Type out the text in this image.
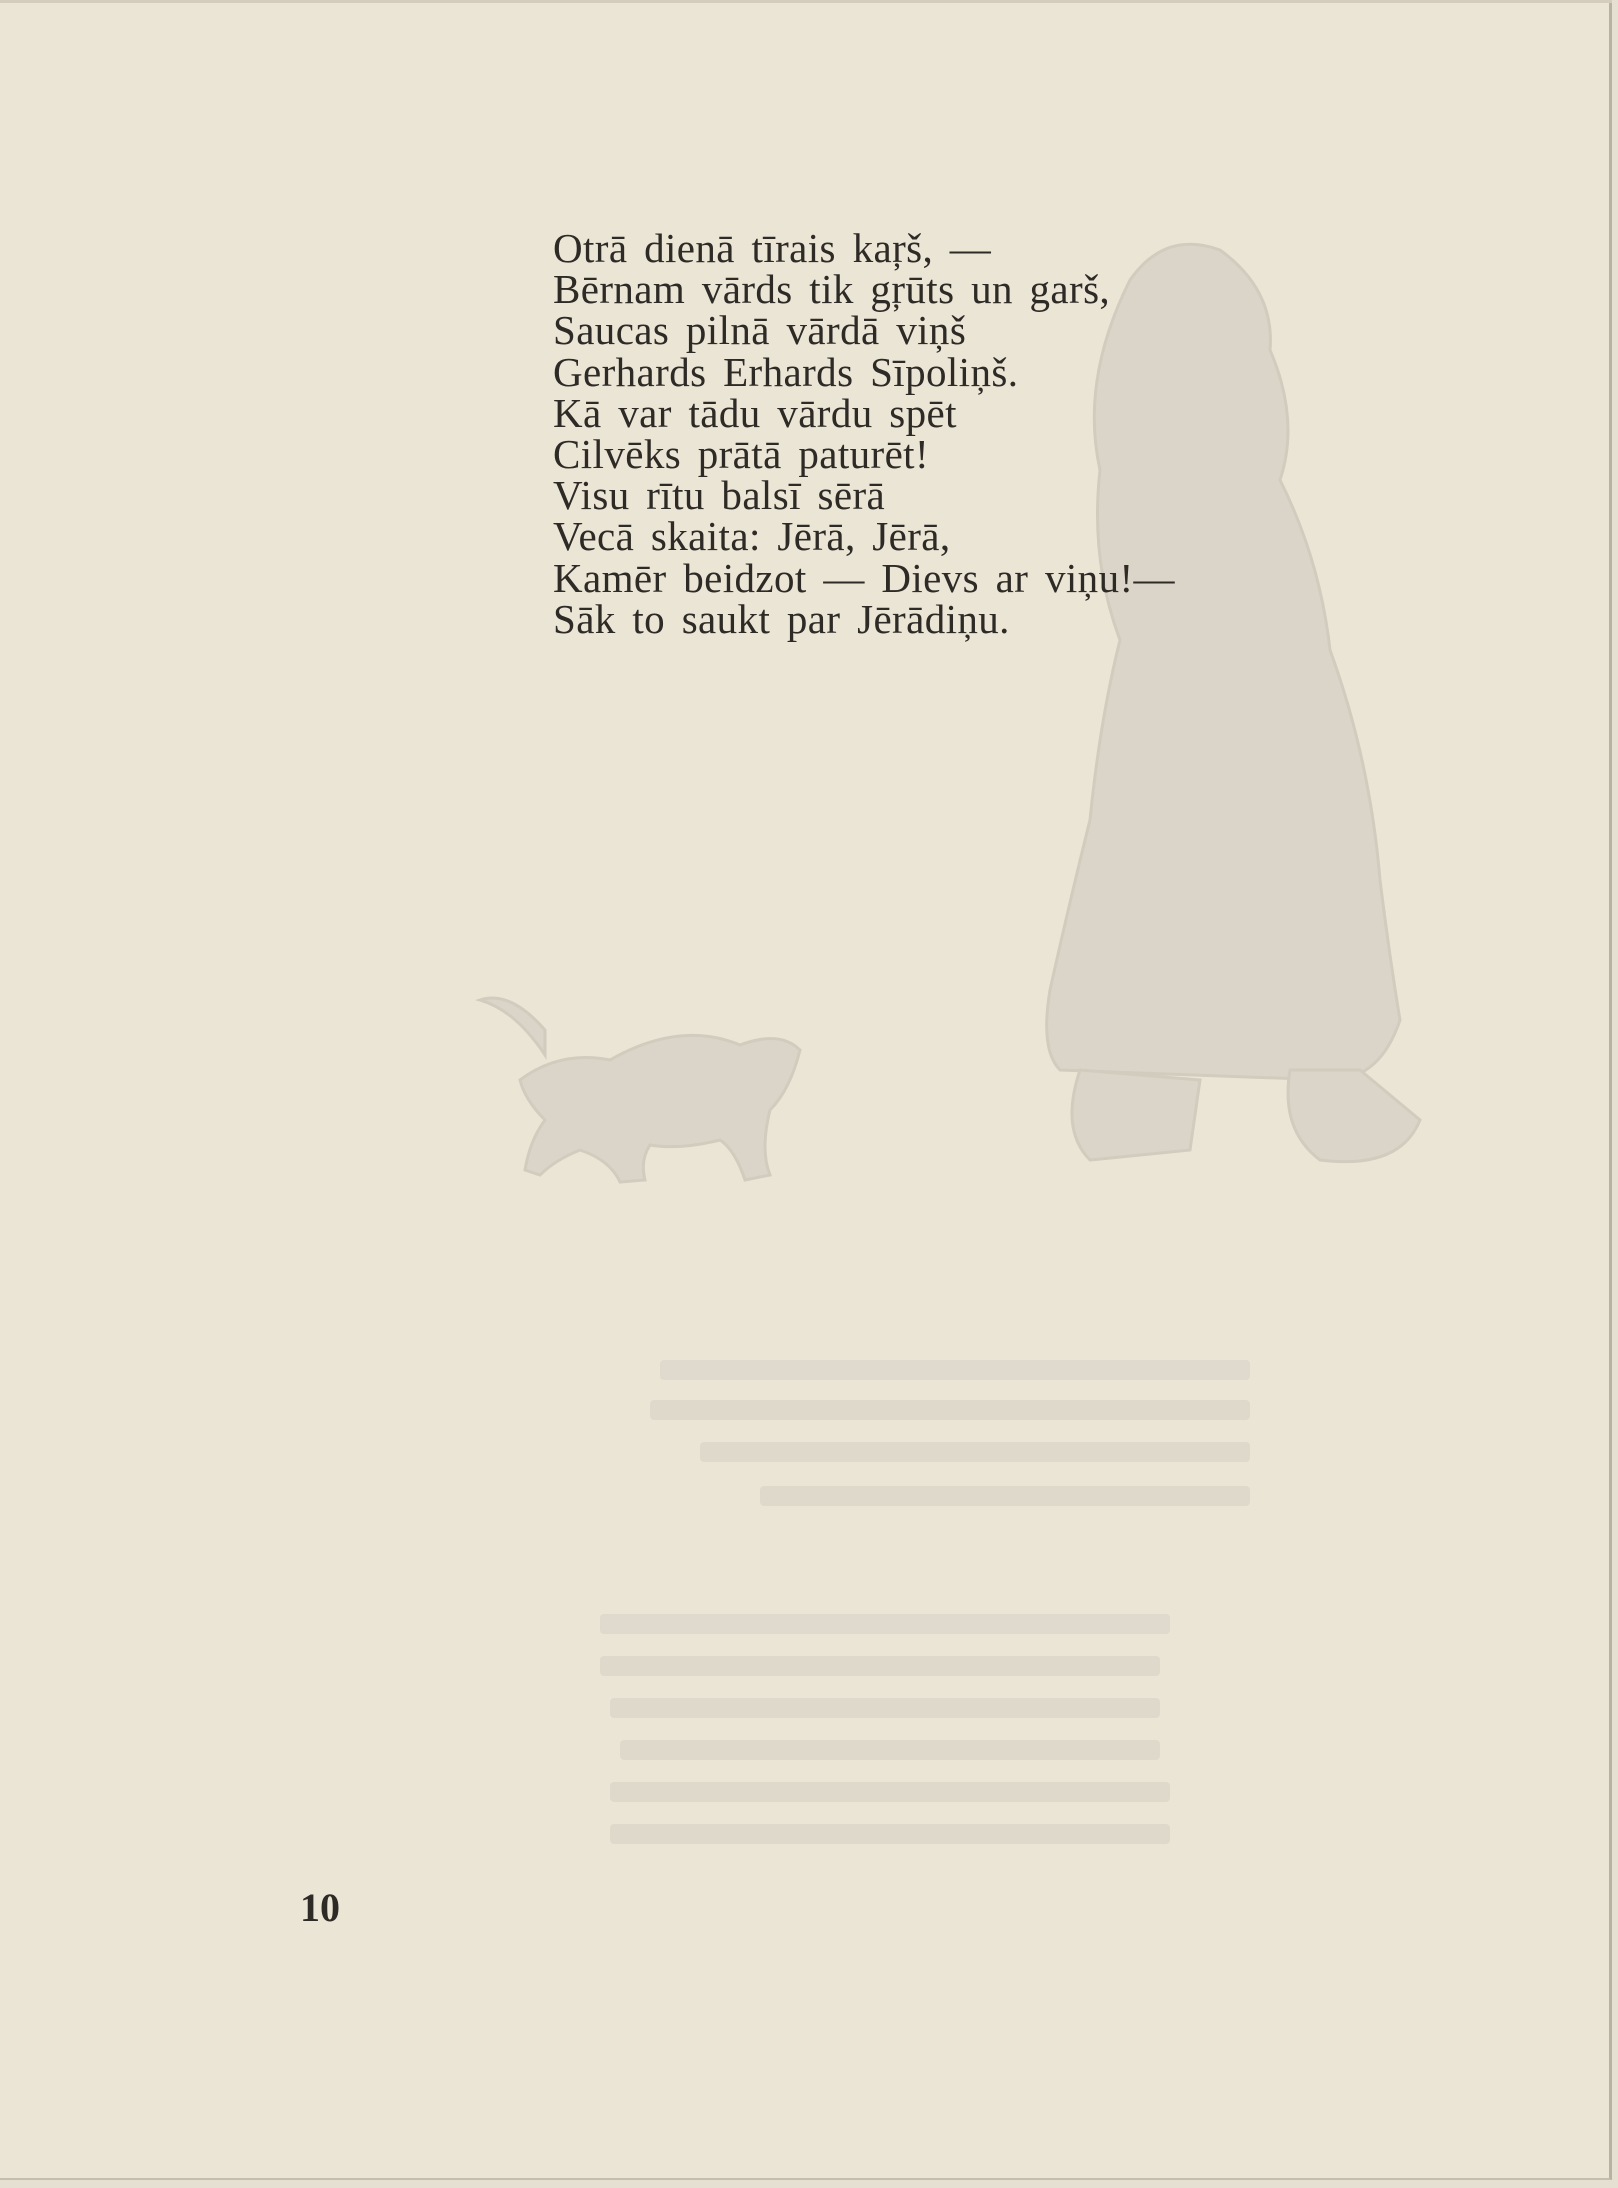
Otrā dienā tīrais kaŗš, —
Bērnam vārds tik gŗūts un garš,
Saucas pilnā vārdā viņš
Gerhards Erhards Sīpoliņš.
Kā var tādu vārdu spēt
Cilvēks prātā paturēt!
Visu rītu balsī sērā
Vecā skaita: Jērā, Jērā,
Kamēr beidzot — Dievs ar viņu!—
Sāk to saukt par Jērādiņu.
10
